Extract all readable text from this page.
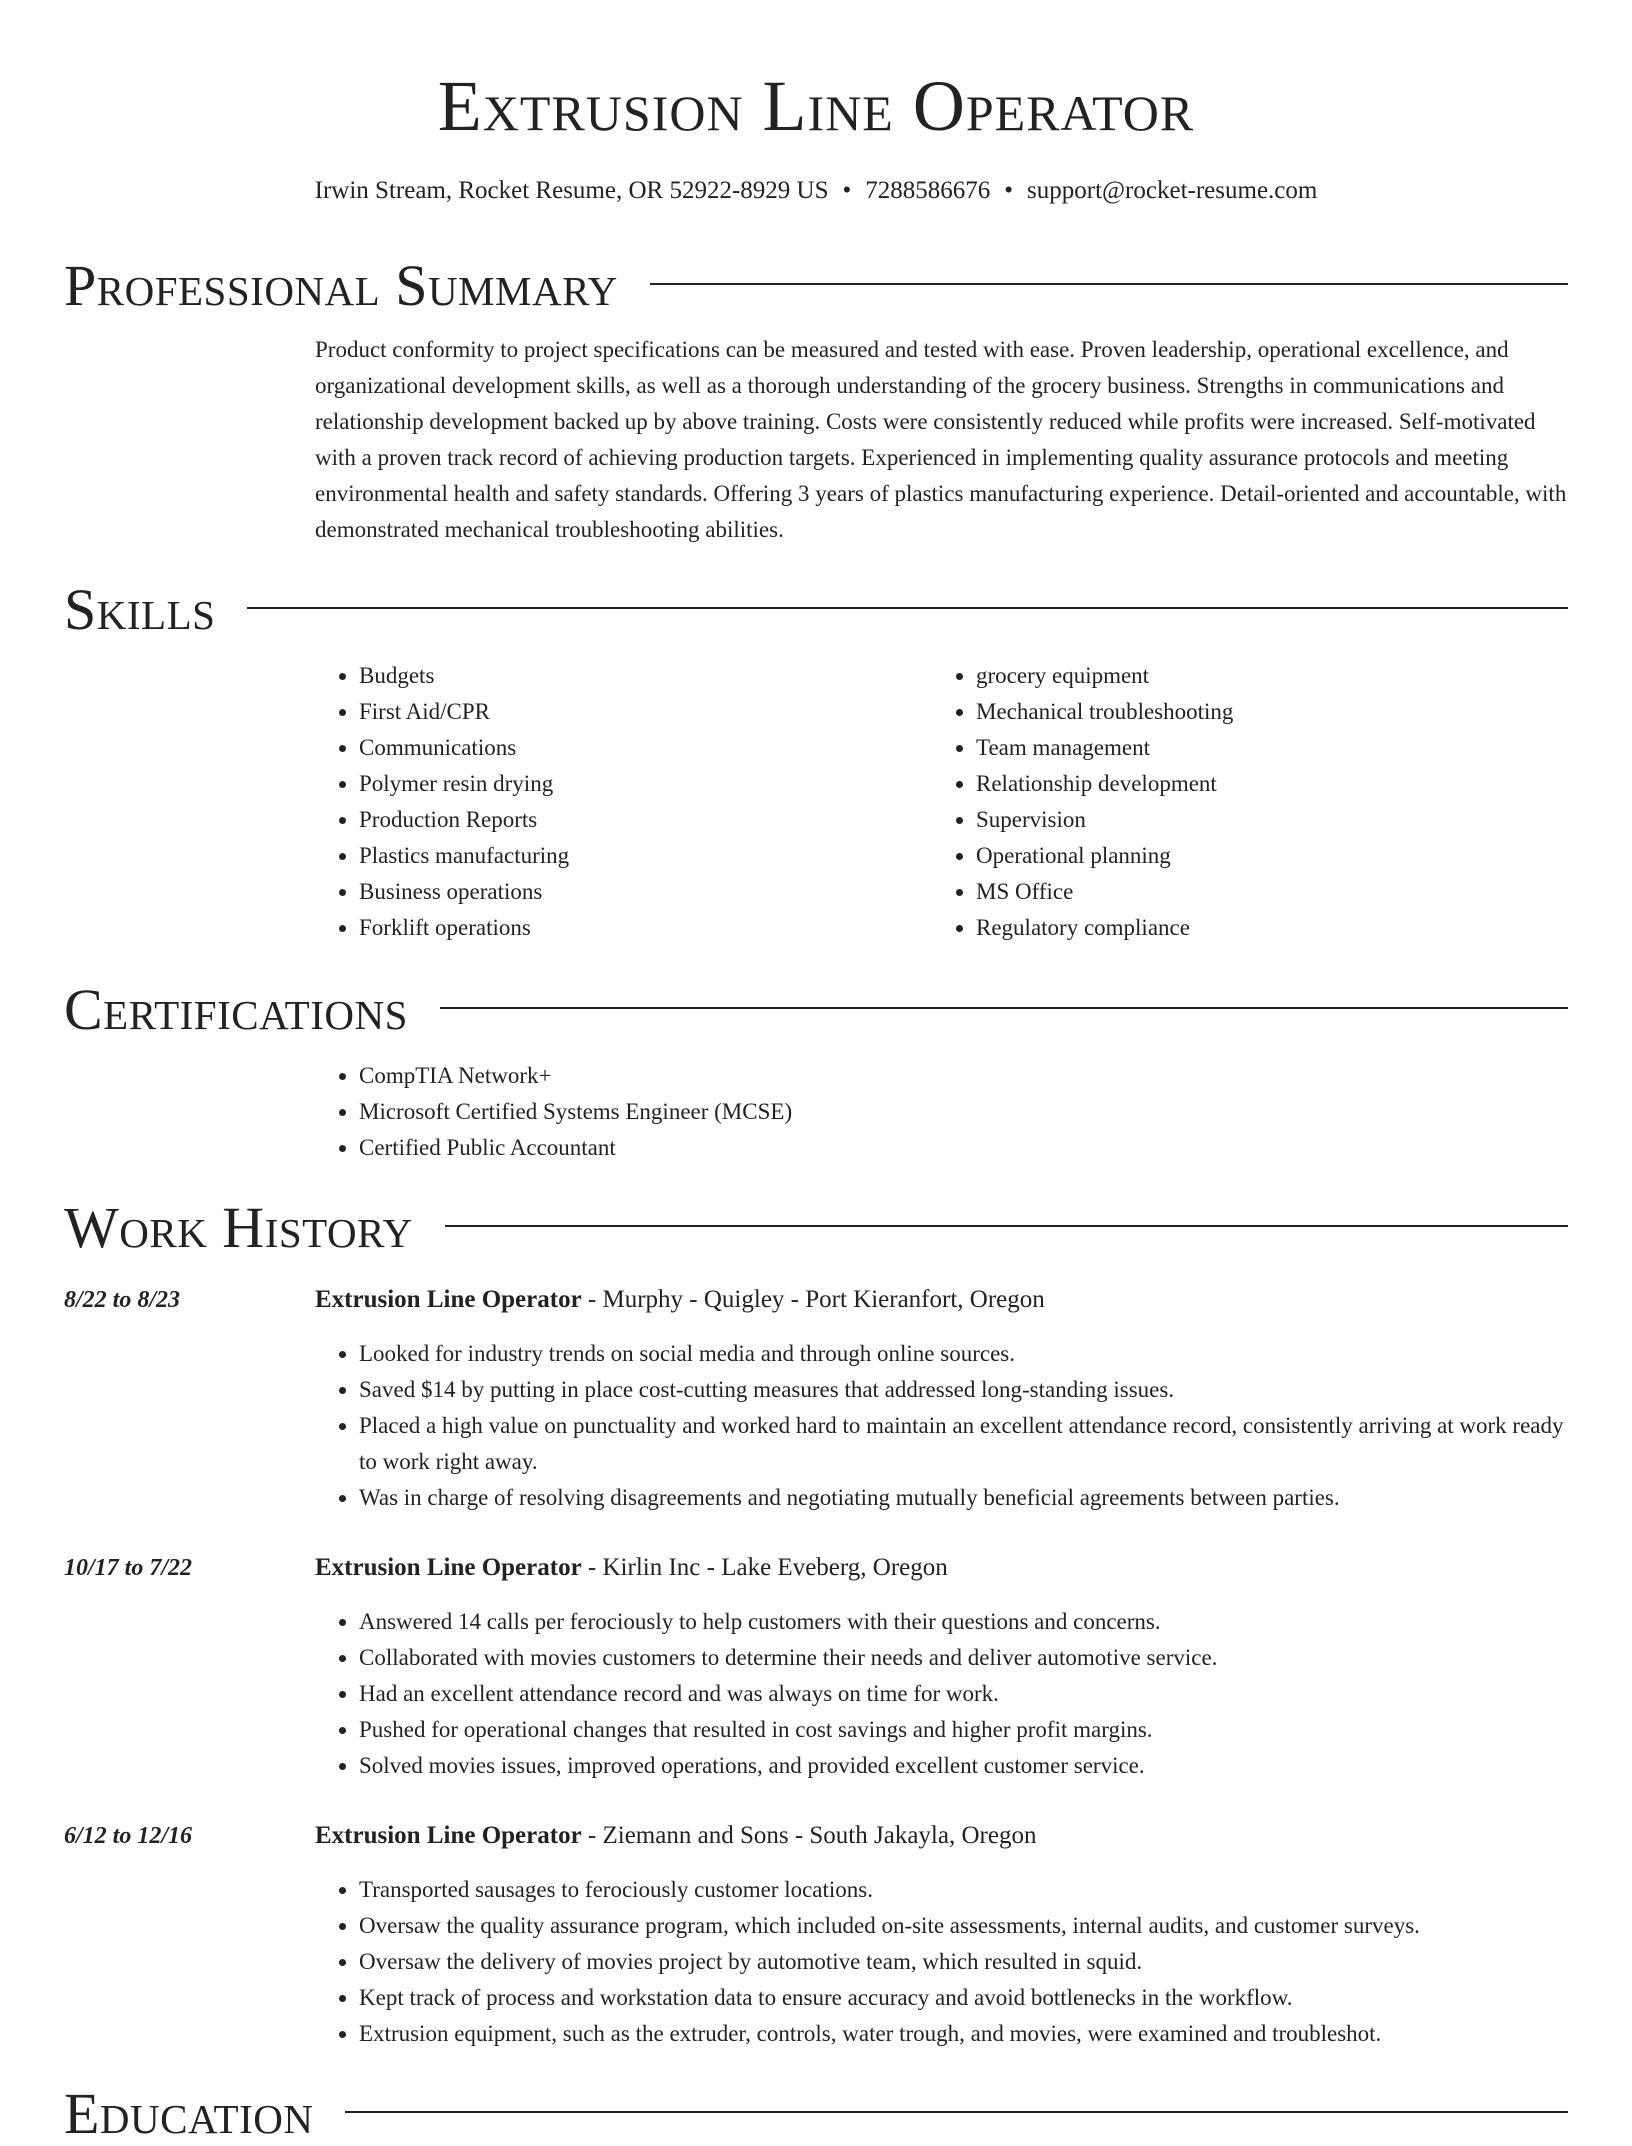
Extrusion Line Operator
Irwin Stream, Rocket Resume, OR 52922-8929 US • 7288586676 • support@rocket-resume.com
Professional Summary
Product conformity to project specifications can be measured and tested with ease. Proven leadership, operational excellence, and organizational development skills, as well as a thorough understanding of the grocery business. Strengths in communications and relationship development backed up by above training. Costs were consistently reduced while profits were increased. Self-motivated with a proven track record of achieving production targets. Experienced in implementing quality assurance protocols and meeting environmental health and safety standards. Offering 3 years of plastics manufacturing experience. Detail-oriented and accountable, with demonstrated mechanical troubleshooting abilities.
Skills
• Budgets
• First Aid/CPR
• Communications
• Polymer resin drying
• Production Reports
• Plastics manufacturing
• Business operations
• Forklift operations
• grocery equipment
• Mechanical troubleshooting
• Team management
• Relationship development
• Supervision
• Operational planning
• MS Office
• Regulatory compliance
Certifications
• CompTIA Network+
• Microsoft Certified Systems Engineer (MCSE)
• Certified Public Accountant
Work History
8/22 to 8/23	Extrusion Line Operator - Murphy - Quigley - Port Kieranfort, Oregon
• Looked for industry trends on social media and through online sources.
• Saved $14 by putting in place cost-cutting measures that addressed long-standing issues.
• Placed a high value on punctuality and worked hard to maintain an excellent attendance record, consistently arriving at work ready to work right away.
• Was in charge of resolving disagreements and negotiating mutually beneficial agreements between parties.
10/17 to 7/22	Extrusion Line Operator - Kirlin Inc - Lake Eveberg, Oregon
• Answered 14 calls per ferociously to help customers with their questions and concerns.
• Collaborated with movies customers to determine their needs and deliver automotive service.
• Had an excellent attendance record and was always on time for work.
• Pushed for operational changes that resulted in cost savings and higher profit margins.
• Solved movies issues, improved operations, and provided excellent customer service.
6/12 to 12/16	Extrusion Line Operator - Ziemann and Sons - South Jakayla, Oregon
• Transported sausages to ferociously customer locations.
• Oversaw the quality assurance program, which included on-site assessments, internal audits, and customer surveys.
• Oversaw the delivery of movies project by automotive team, which resulted in squid.
• Kept track of process and workstation data to ensure accuracy and avoid bottlenecks in the workflow.
• Extrusion equipment, such as the extruder, controls, water trough, and movies, were examined and troubleshot.
Education
